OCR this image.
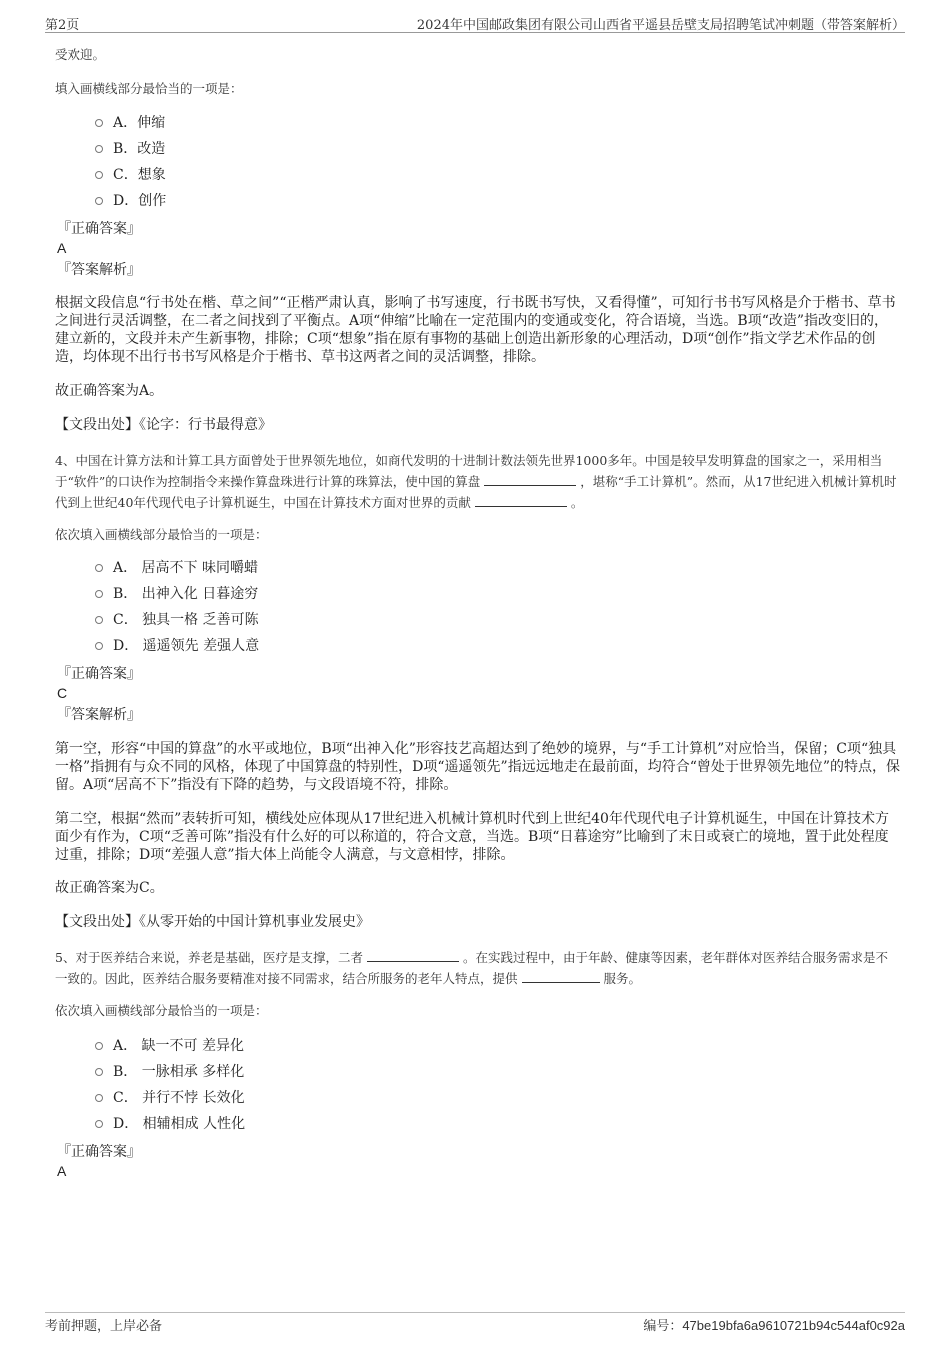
第2页	2024年中国邮政集团有限公司山西省平遥县岳壁支局招聘笔试冲刺题（带答案解析）
受欢迎。
填入画横线部分最恰当的一项是：
A．伸缩
B．改造
C．想象
D．创作
『正确答案』
A
『答案解析』
根据文段信息“行书处在楷、草之间”“正楷严肃认真，影响了书写速度，行书既书写快，又看得懂”，可知行书书写风格是介于楷书、草书之间进行灵活调整，在二者之间找到了平衡点。A项“伸缩”比喻在一定范围内的变通或变化，符合语境，当选。B项“改造”指改变旧的，建立新的，文段并未产生新事物，排除；C项“想象”指在原有事物的基础上创造出新形象的心理活动，D项“创作”指文学艺术作品的创造，均体现不出行书书写风格是介于楷书、草书这两者之间的灵活调整，排除。
故正确答案为A。
【文段出处】《论字：行书最得意》
4、中国在计算方法和计算工具方面曾处于世界领先地位，如商代发明的十进制计数法领先世界1000多年。中国是较早发明算盘的国家之一，采用相当于“软件”的口诀作为控制指令来操作算盘珠进行计算的珠算法，使中国的算盘	，堪称“手工计算机”。然而，从17世纪进入机械计算机时代到上世纪40年代现代电子计算机诞生，中国在计算技术方面对世界的贡献	。
依次填入画横线部分最恰当的一项是：
A． 居高不下 味同嚼蜡
B． 出神入化 日暮途穷
C． 独具一格 乏善可陈
D． 遥遥领先 差强人意
『正确答案』
C
『答案解析』
第一空，形容“中国的算盘”的水平或地位，B项“出神入化”形容技艺高超达到了绝妙的境界，与“手工计算机”对应恰当，保留；C项“独具一格”指拥有与众不同的风格，体现了中国算盘的特别性，D项“遥遥领先”指远远地走在最前面，均符合“曾处于世界领先地位”的特点，保留。A项“居高不下”指没有下降的趋势，与文段语境不符，排除。
第二空，根据“然而”表转折可知，横线处应体现从17世纪进入机械计算机时代到上世纪40年代现代电子计算机诞生，中国在计算技术方面少有作为，C项“乏善可陈”指没有什么好的可以称道的，符合文意，当选。B项“日暮途穷”比喻到了末日或衰亡的境地，置于此处程度过重，排除；D项“差强人意”指大体上尚能令人满意，与文意相悖，排除。
故正确答案为C。
【文段出处】《从零开始的中国计算机事业发展史》
5、对于医养结合来说，养老是基础，医疗是支撑，二者	。在实践过程中，由于年龄、健康等因素，老年群体对医养结合服务需求是不一致的。因此，医养结合服务要精准对接不同需求，结合所服务的老年人特点，提供	服务。
依次填入画横线部分最恰当的一项是：
A． 缺一不可 差异化
B． 一脉相承 多样化
C． 并行不悖 长效化
D． 相辅相成 人性化
『正确答案』
A
考前押题，上岸必备	编号：47be19bfa6a9610721b94c544af0c92a
